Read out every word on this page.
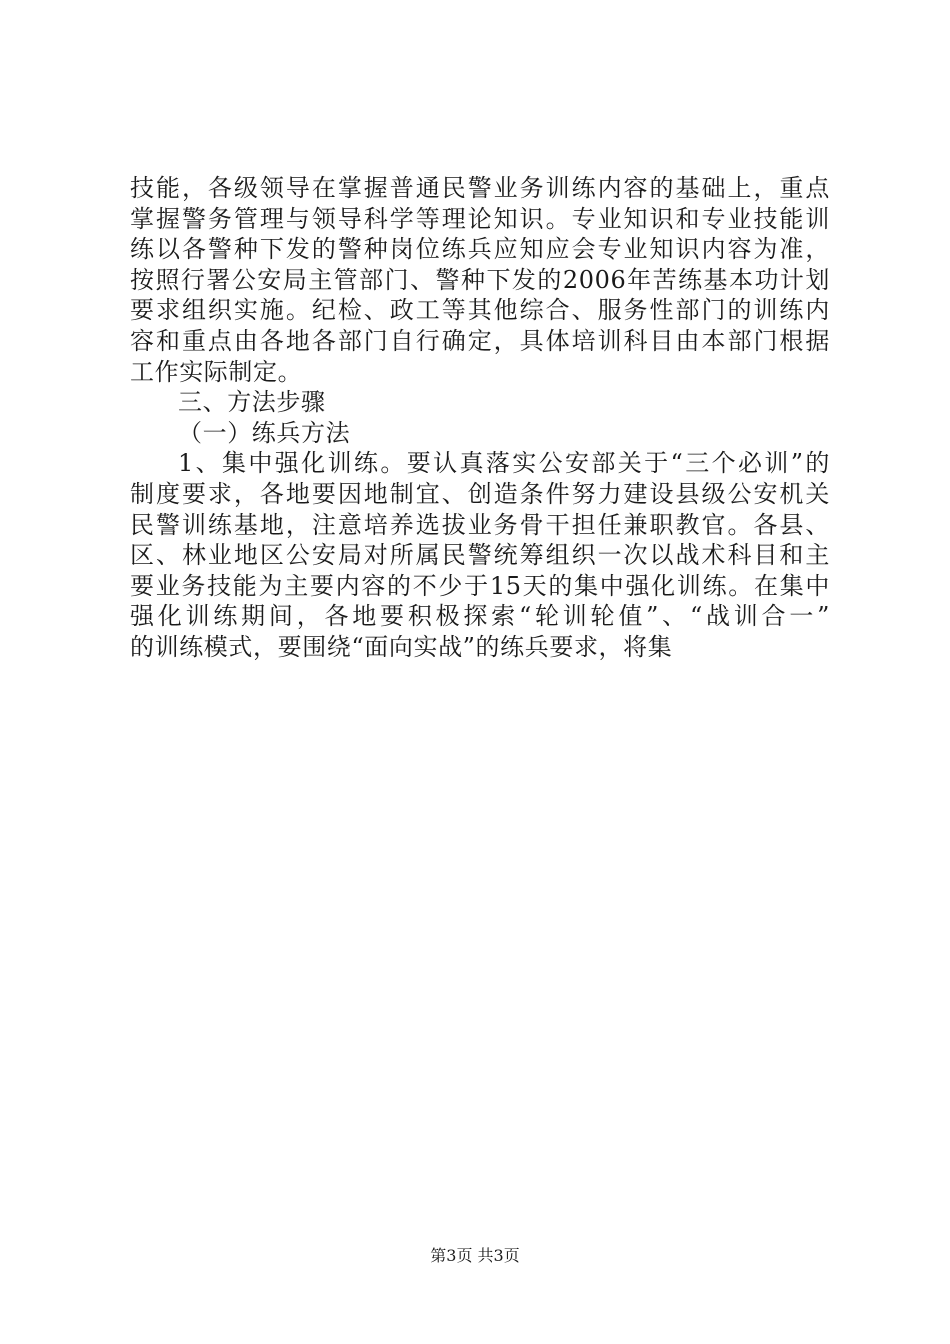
技能，各级领导在掌握普通民警业务训练内容的基础上，重点
掌握警务管理与领导科学等理论知识。专业知识和专业技能训
练以各警种下发的警种岗位练兵应知应会专业知识内容为准，
按照行署公安局主管部门、警种下发的2006年苦练基本功计划
要求组织实施。纪检、政工等其他综合、服务性部门的训练内
容和重点由各地各部门自行确定，具体培训科目由本部门根据
工作实际制定。
三、方法步骤
（一）练兵方法
1、集中强化训练。要认真落实公安部关于“三个必训”的
制度要求，各地要因地制宜、创造条件努力建设县级公安机关
民警训练基地，注意培养选拔业务骨干担任兼职教官。各县、
区、林业地区公安局对所属民警统筹组织一次以战术科目和主
要业务技能为主要内容的不少于15天的集中强化训练。在集中
强化训练期间，各地要积极探索“轮训轮值”、“战训合一”
的训练模式，要围绕“面向实战”的练兵要求，将集
第3页 共3页
